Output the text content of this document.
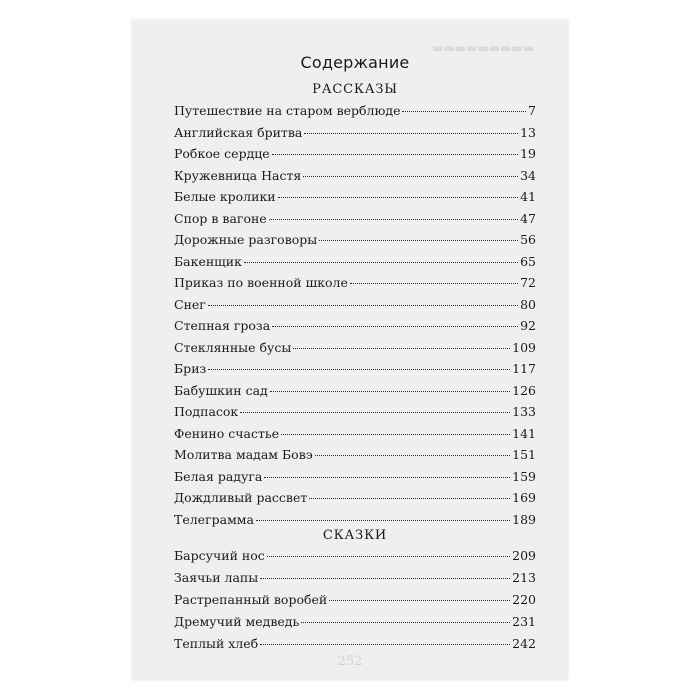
▬▬▬▬▬▬▬▬▬
Содержание
РАССКАЗЫ
Путешествие на старом верблюде	7
Английская бритва	13
Робкое сердце	19
Кружевница Настя	34
Белые кролики	41
Спор в вагоне	47
Дорожные разговоры	56
Бакенщик	65
Приказ по военной школе	72
Снег	80
Степная гроза	92
Стеклянные бусы	109
Бриз	117
Бабушкин сад	126
Подпасок	133
Фенино счастье	141
Молитва мадам Бовэ	151
Белая радуга	159
Дождливый рассвет	169
Телеграмма	189
СКАЗКИ
Барсучий нос	209
Заячьи лапы	213
Растрепанный воробей	220
Дремучий медведь	231
Теплый хлеб	242
252
